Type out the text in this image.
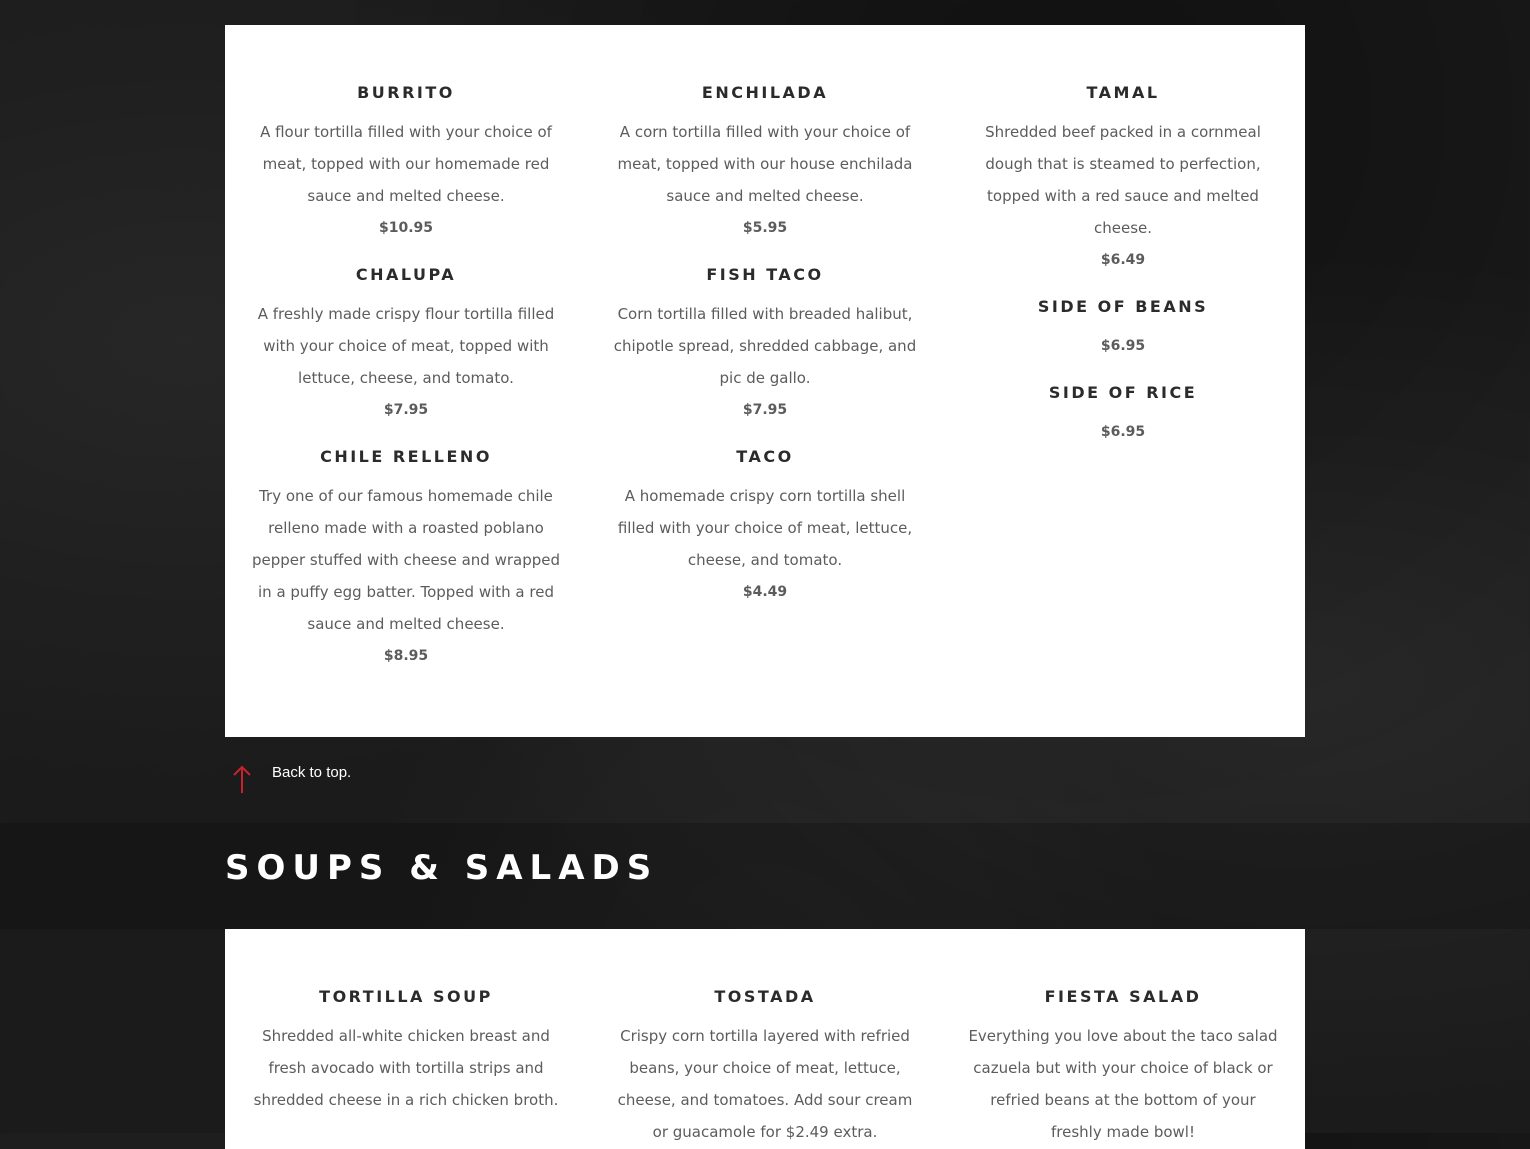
BURRITO

A flour tortilla filled with your choice of meat, topped with our homemade red sauce and melted cheese.

$10.95

CHALUPA

A freshly made crispy flour tortilla filled with your choice of meat, topped with lettuce, cheese, and tomato.

$7.95

CHILE RELLENO

Try one of our famous homemade chile relleno made with a roasted poblano pepper stuffed with cheese and wrapped in a puffy egg batter. Topped with a red sauce and melted cheese.

$8.95

ENCHILADA

A corn tortilla filled with your choice of meat, topped with our house enchilada sauce and melted cheese.

$5.95

FISH TACO

Corn tortilla filled with breaded halibut, chipotle spread, shredded cabbage, and pic de gallo.

$7.95

TACO

A homemade crispy corn tortilla shell filled with your choice of meat, lettuce, cheese, and tomato.

$4.49

TAMAL

Shredded beef packed in a cornmeal dough that is steamed to perfection, topped with a red sauce and melted cheese.

$6.49

SIDE OF BEANS

$6.95

SIDE OF RICE

$6.95

Back to top.
SOUPS & SALADS
TORTILLA SOUP

Shredded all-white chicken breast and fresh avocado with tortilla strips and shredded cheese in a rich chicken broth.

TOSTADA

Crispy corn tortilla layered with refried beans, your choice of meat, lettuce, cheese, and tomatoes. Add sour cream or guacamole for $2.49 extra.

FIESTA SALAD

Everything you love about the taco salad cazuela but with your choice of black or refried beans at the bottom of your freshly made bowl!
